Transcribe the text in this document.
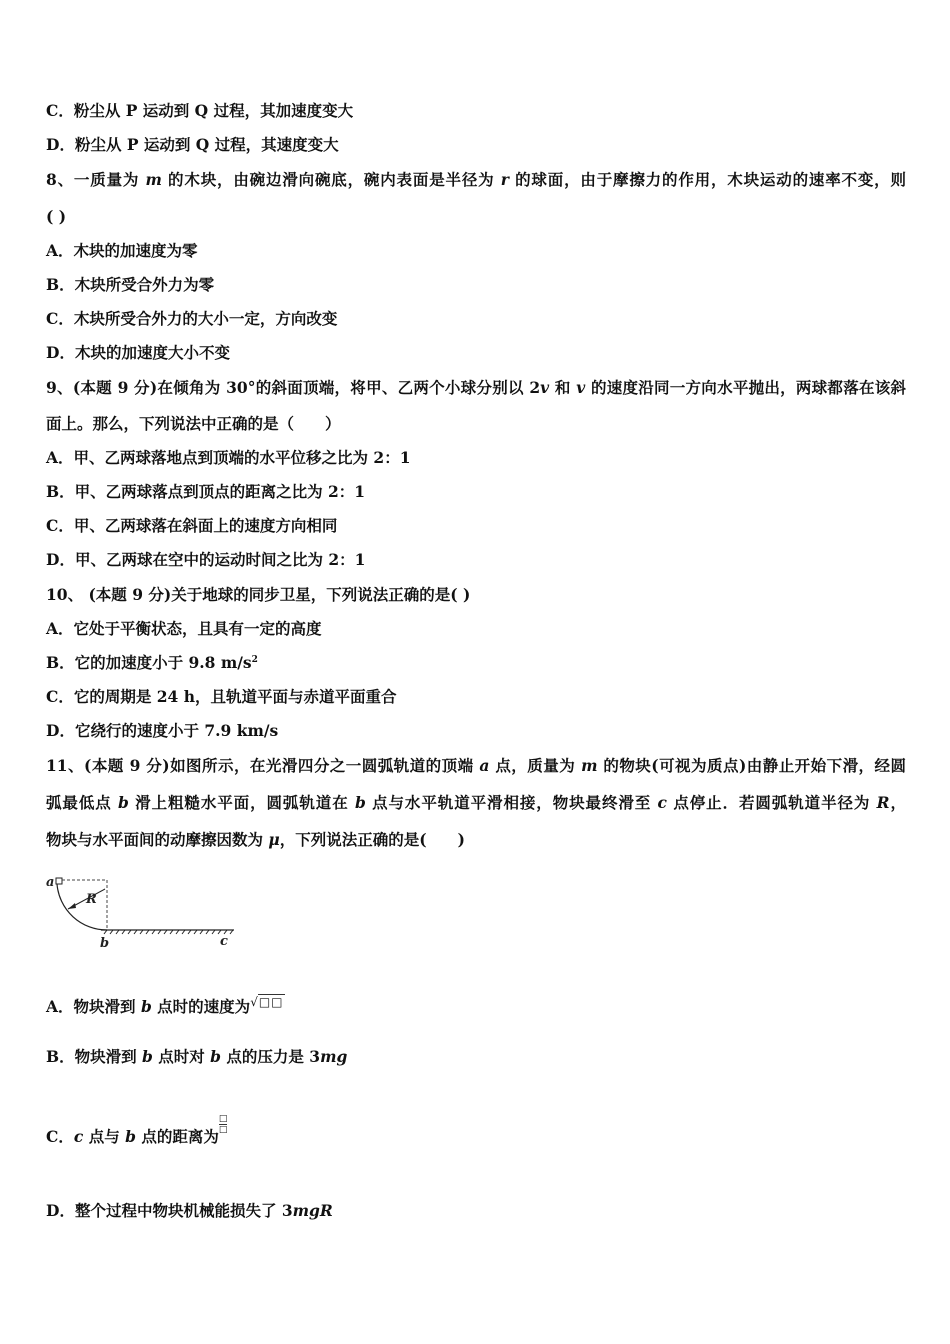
C．粉尘从 P 运动到 Q 过程，其加速度变大
D．粉尘从 P 运动到 Q 过程，其速度变大
8、一质量为 m 的木块，由碗边滑向碗底，碗内表面是半径为 r 的球面，由于摩擦力的作用，木块运动的速率不变，则
( )
A．木块的加速度为零
B．木块所受合外力为零
C．木块所受合外力的大小一定，方向改变
D．木块的加速度大小不变
9、(本题 9 分)在倾角为 30°的斜面顶端，将甲、乙两个小球分别以 2v 和 v 的速度沿同一方向水平抛出，两球都落在该斜
面上。那么，下列说法中正确的是（　　）
A．甲、乙两球落地点到顶端的水平位移之比为 2：1
B．甲、乙两球落点到顶点的距离之比为 2：1
C．甲、乙两球落在斜面上的速度方向相同
D．甲、乙两球在空中的运动时间之比为 2：1
10、 (本题 9 分)关于地球的同步卫星，下列说法正确的是( )
A．它处于平衡状态，且具有一定的高度
B．它的加速度小于 9.8 $m/s^2$
C．它的周期是 24 h，且轨道平面与赤道平面重合
D．它绕行的速度小于 7.9 km/s
11、(本题 9 分)如图所示，在光滑四分之一圆弧轨道的顶端 a 点，质量为 m 的物块(可视为质点)由静止开始下滑，经圆
弧最低点 b 滑上粗糙水平面，圆弧轨道在 b 点与水平轨道平滑相接，物块最终滑至 c 点停止．若圆弧轨道半径为 R，
物块与水平面间的动摩擦因数为 μ，下列说法正确的是(　　)
a
R
b	c
A．物块滑到 b 点时的速度为√□□
B．物块滑到 b 点时对 b 点的压力是 3mg
C．c 点与 b 点的距离为
$\frac{□}{□}$
D．整个过程中物块机械能损失了 3mgR
